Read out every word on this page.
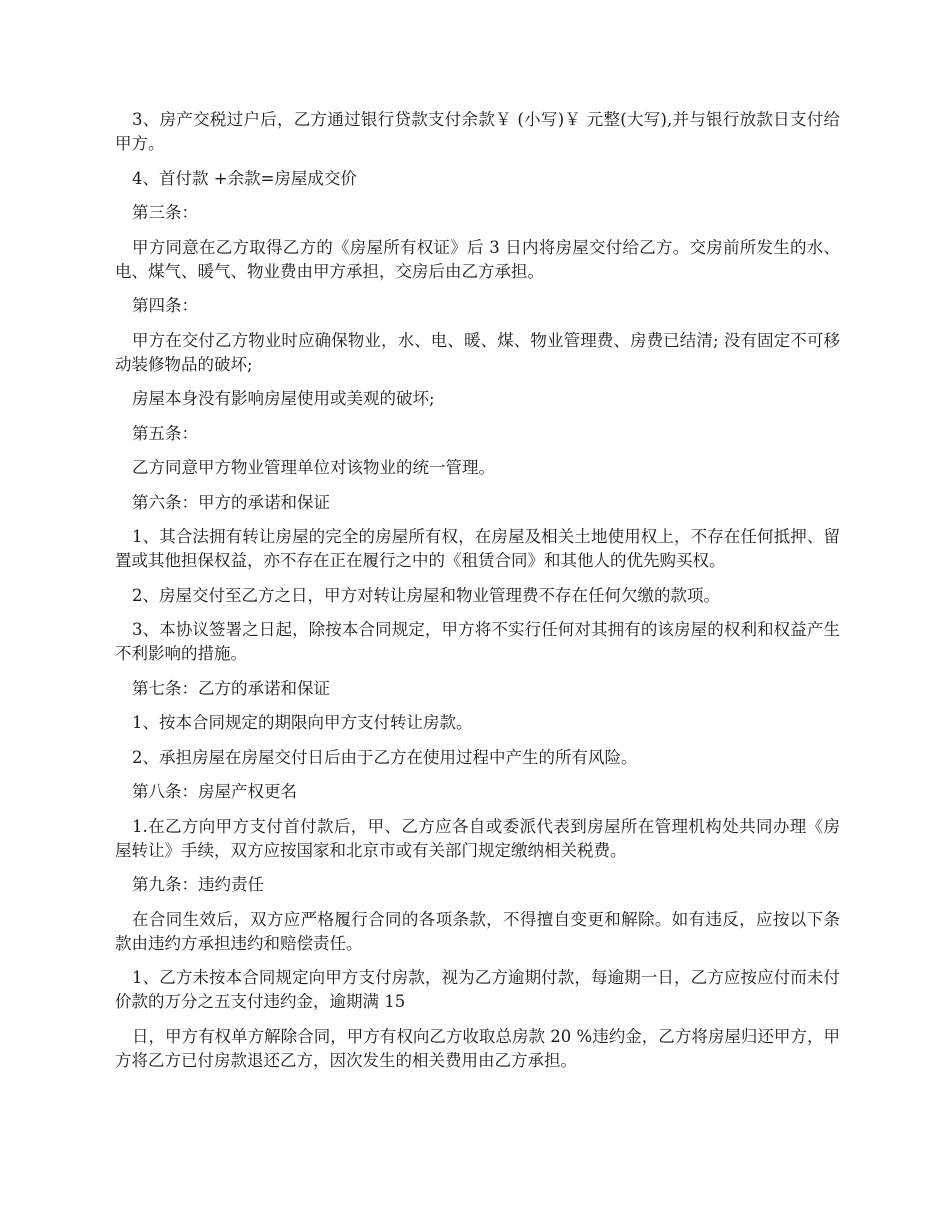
3、房产交税过户后，乙方通过银行贷款支付余款￥ (小写)￥ 元整(大写),并与银行放款日支付给甲方。

4、首付款 +余款=房屋成交价

第三条：

甲方同意在乙方取得乙方的《房屋所有权证》后 3 日内将房屋交付给乙方。交房前所发生的水、电、煤气、暖气、物业费由甲方承担，交房后由乙方承担。

第四条：

甲方在交付乙方物业时应确保物业，水、电、暖、煤、物业管理费、房费已结清; 没有固定不可移动装修物品的破坏;

房屋本身没有影响房屋使用或美观的破坏;

第五条：

乙方同意甲方物业管理单位对该物业的统一管理。

第六条：甲方的承诺和保证

1、其合法拥有转让房屋的完全的房屋所有权，在房屋及相关土地使用权上，不存在任何抵押、留置或其他担保权益，亦不存在正在履行之中的《租赁合同》和其他人的优先购买权。

2、房屋交付至乙方之日，甲方对转让房屋和物业管理费不存在任何欠缴的款项。

3、本协议签署之日起，除按本合同规定，甲方将不实行任何对其拥有的该房屋的权利和权益产生不利影响的措施。

第七条：乙方的承诺和保证

1、按本合同规定的期限向甲方支付转让房款。

2、承担房屋在房屋交付日后由于乙方在使用过程中产生的所有风险。

第八条：房屋产权更名

1.在乙方向甲方支付首付款后，甲、乙方应各自或委派代表到房屋所在管理机构处共同办理《房屋转让》手续，双方应按国家和北京市或有关部门规定缴纳相关税费。

第九条：违约责任

在合同生效后，双方应严格履行合同的各项条款，不得擅自变更和解除。如有违反，应按以下条款由违约方承担违约和赔偿责任。

1、乙方未按本合同规定向甲方支付房款，视为乙方逾期付款，每逾期一日，乙方应按应付而未付价款的万分之五支付违约金，逾期满 15

日，甲方有权单方解除合同，甲方有权向乙方收取总房款 20 %违约金，乙方将房屋归还甲方，甲方将乙方已付房款退还乙方，因次发生的相关费用由乙方承担。
